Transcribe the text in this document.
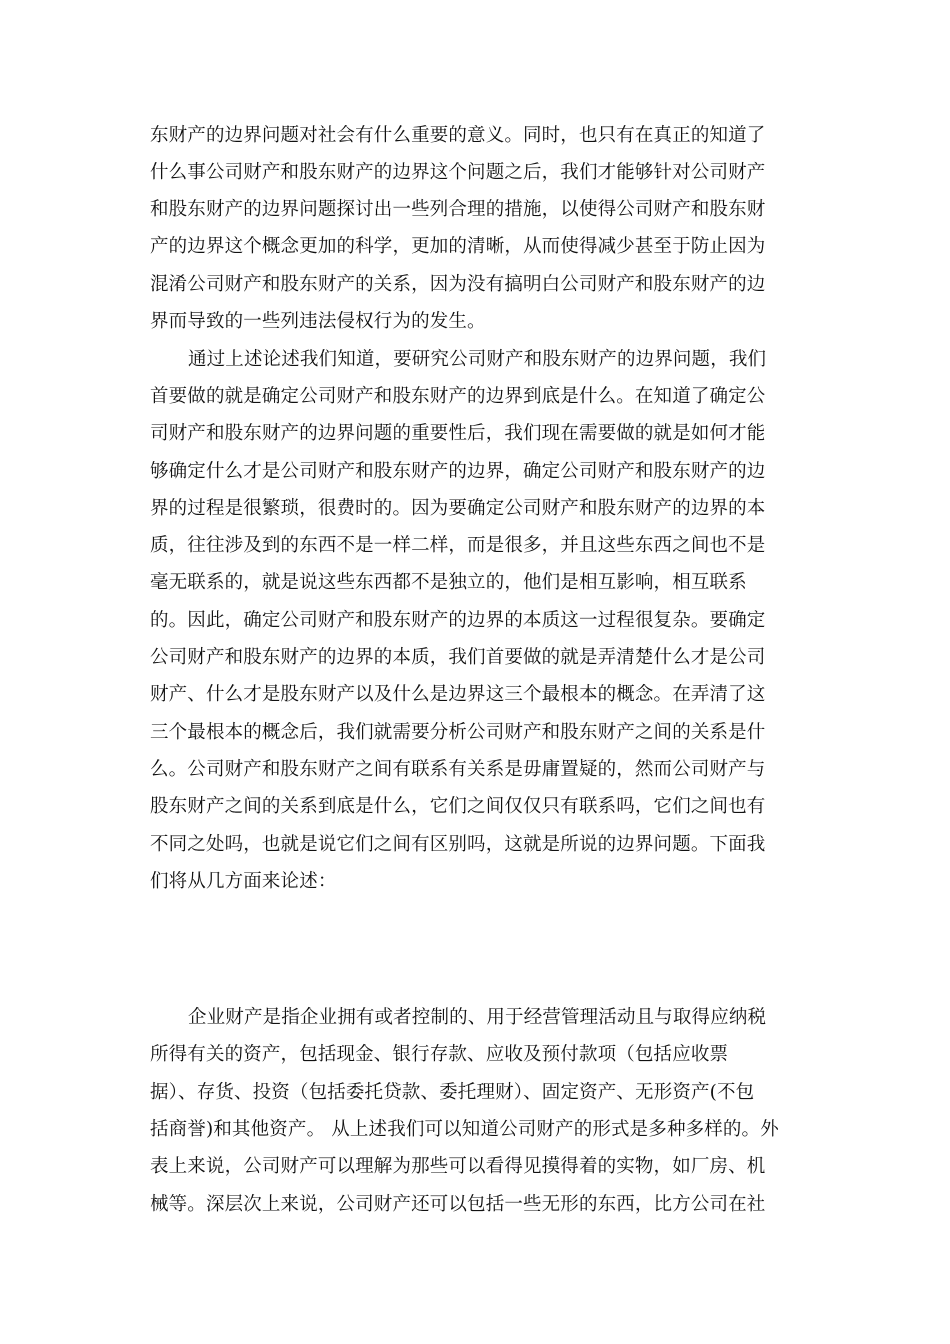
东财产的边界问题对社会有什么重要的意义。同时，也只有在真正的知道了
什么事公司财产和股东财产的边界这个问题之后，我们才能够针对公司财产
和股东财产的边界问题探讨出一些列合理的措施，以使得公司财产和股东财
产的边界这个概念更加的科学，更加的清晰，从而使得减少甚至于防止因为
混淆公司财产和股东财产的关系，因为没有搞明白公司财产和股东财产的边
界而导致的一些列违法侵权行为的发生。
通过上述论述我们知道，要研究公司财产和股东财产的边界问题，我们
首要做的就是确定公司财产和股东财产的边界到底是什么。在知道了确定公
司财产和股东财产的边界问题的重要性后，我们现在需要做的就是如何才能
够确定什么才是公司财产和股东财产的边界，确定公司财产和股东财产的边
界的过程是很繁琐，很费时的。因为要确定公司财产和股东财产的边界的本
质，往往涉及到的东西不是一样二样，而是很多，并且这些东西之间也不是
毫无联系的，就是说这些东西都不是独立的，他们是相互影响，相互联系
的。因此，确定公司财产和股东财产的边界的本质这一过程很复杂。要确定
公司财产和股东财产的边界的本质，我们首要做的就是弄清楚什么才是公司
财产、什么才是股东财产以及什么是边界这三个最根本的概念。在弄清了这
三个最根本的概念后，我们就需要分析公司财产和股东财产之间的关系是什
么。公司财产和股东财产之间有联系有关系是毋庸置疑的，然而公司财产与
股东财产之间的关系到底是什么，它们之间仅仅只有联系吗，它们之间也有
不同之处吗，也就是说它们之间有区别吗，这就是所说的边界问题。下面我
们将从几方面来论述：
企业财产是指企业拥有或者控制的、用于经营管理活动且与取得应纳税
所得有关的资产，包括现金、银行存款、应收及预付款项（包括应收票
据）、存货、投资（包括委托贷款、委托理财）、固定资产、无形资产(不包
括商誉)和其他资产。 从上述我们可以知道公司财产的形式是多种多样的。外
表上来说，公司财产可以理解为那些可以看得见摸得着的实物，如厂房、机
械等。深层次上来说，公司财产还可以包括一些无形的东西，比方公司在社
